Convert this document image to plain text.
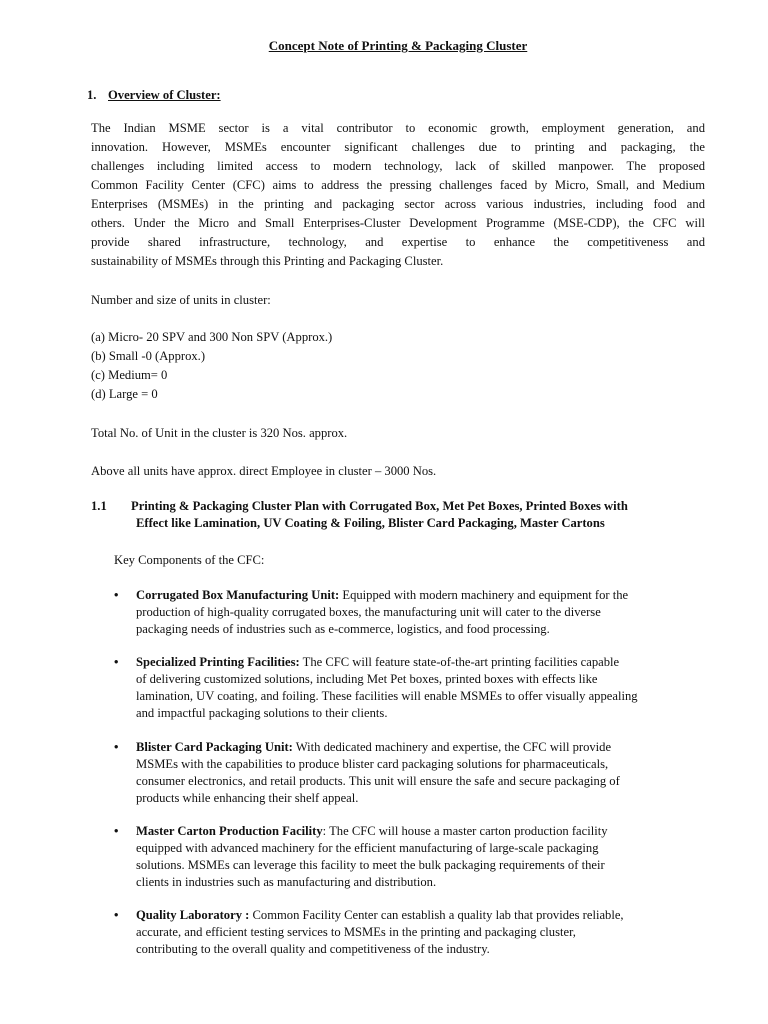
Concept Note of Printing & Packaging Cluster
1. Overview of Cluster:
The Indian MSME sector is a vital contributor to economic growth, employment generation, and
innovation. However, MSMEs encounter significant challenges due to printing and packaging, the
challenges including limited access to modern technology, lack of skilled manpower. The proposed
Common Facility Center (CFC) aims to address the pressing challenges faced by Micro, Small, and Medium
Enterprises (MSMEs) in the printing and packaging sector across various industries, including food and
others. Under the Micro and Small Enterprises-Cluster Development Programme (MSE-CDP), the CFC will
provide shared infrastructure, technology, and expertise to enhance the competitiveness and
sustainability of MSMEs through this Printing and Packaging Cluster.
Number and size of units in cluster:
(a) Micro- 20 SPV and 300 Non SPV (Approx.)
(b) Small -0 (Approx.)
(c) Medium= 0
(d) Large = 0
Total No. of Unit in the cluster is 320 Nos. approx.
Above all units have approx. direct Employee in cluster – 3000 Nos.
1.1 Printing & Packaging Cluster Plan with Corrugated Box, Met Pet Boxes, Printed Boxes with
Effect like Lamination, UV Coating & Foiling, Blister Card Packaging, Master Cartons
Key Components of the CFC:
•	Corrugated Box Manufacturing Unit: Equipped with modern machinery and equipment for the
production of high-quality corrugated boxes, the manufacturing unit will cater to the diverse
packaging needs of industries such as e-commerce, logistics, and food processing.
•	Specialized Printing Facilities: The CFC will feature state-of-the-art printing facilities capable
of delivering customized solutions, including Met Pet boxes, printed boxes with effects like
lamination, UV coating, and foiling. These facilities will enable MSMEs to offer visually appealing
and impactful packaging solutions to their clients.
•	Blister Card Packaging Unit: With dedicated machinery and expertise, the CFC will provide
MSMEs with the capabilities to produce blister card packaging solutions for pharmaceuticals,
consumer electronics, and retail products. This unit will ensure the safe and secure packaging of
products while enhancing their shelf appeal.
•	Master Carton Production Facility: The CFC will house a master carton production facility
equipped with advanced machinery for the efficient manufacturing of large-scale packaging
solutions. MSMEs can leverage this facility to meet the bulk packaging requirements of their
clients in industries such as manufacturing and distribution.
•	Quality Laboratory : Common Facility Center can establish a quality lab that provides reliable,
accurate, and efficient testing services to MSMEs in the printing and packaging cluster,
contributing to the overall quality and competitiveness of the industry.
